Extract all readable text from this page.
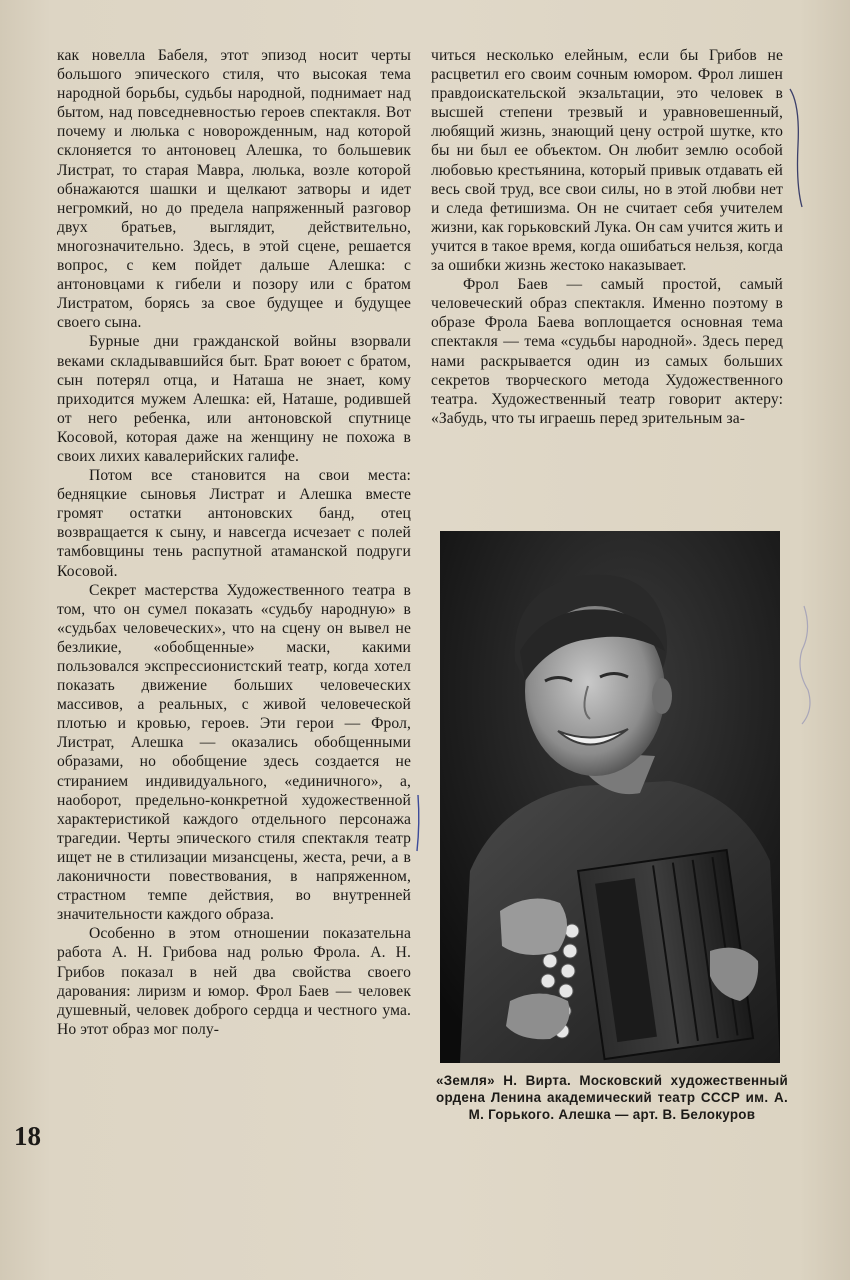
как новелла Бабеля, этот эпизод носит черты большого эпического стиля, что высокая тема народной борьбы, судьбы народной, поднимает над бытом, над повседневностью героев спектакля. Вот почему и люлька с новорожденным, над которой склоняется то антоновец Алешка, то большевик Листрат, то старая Мавра, люлька, возле которой обнажаются шашки и щелкают затворы и идет негромкий, но до предела напряженный разговор двух братьев, выглядит, действительно, многозначительно. Здесь, в этой сцене, решается вопрос, с кем пойдет дальше Алешка: с антоновцами к гибели и позору или с братом Листратом, борясь за свое будущее и будущее своего сына.

Бурные дни гражданской войны взорвали веками складывавшийся быт. Брат воюет с братом, сын потерял отца, и Наташа не знает, кому приходится мужем Алешка: ей, Наташе, родившей от него ребенка, или антоновской спутнице Косовой, которая даже на женщину не похожа в своих лихих кавалерийских галифе.

Потом все становится на свои места: бедняцкие сыновья Листрат и Алешка вместе громят остатки антоновских банд, отец возвращается к сыну, и навсегда исчезает с полей тамбовщины тень распутной атаманской подруги Косовой.

Секрет мастерства Художественного театра в том, что он сумел показать «судьбу народную» в «судьбах человеческих», что на сцену он вывел не безликие, «обобщенные» маски, какими пользовался экспрессионистский театр, когда хотел показать движение больших человеческих массивов, а реальных, с живой человеческой плотью и кровью, героев. Эти герои — Фрол, Листрат, Алешка — оказались обобщенными образами, но обобщение здесь создается не стиранием индивидуального, «единичного», а, наоборот, предельно-конкретной художественной характеристикой каждого отдельного персонажа трагедии. Черты эпического стиля спектакля театр ищет не в стилизации мизансцены, жеста, речи, а в лаконичности повествования, в напряженном, страстном темпе действия, во внутренней значительности каждого образа.

Особенно в этом отношении показательна работа А. Н. Грибова над ролью Фрола. А. Н. Грибов показал в ней два свойства своего дарования: лиризм и юмор. Фрол Баев — человек душевный, человек доброго сердца и честного ума. Но этот образ мог полу-

читься несколько елейным, если бы Грибов не расцветил его своим сочным юмором. Фрол лишен правдоискательской экзальтации, это человек в высшей степени трезвый и уравновешенный, любящий жизнь, знающий цену острой шутке, кто бы ни был ее объектом. Он любит землю особой любовью крестьянина, который привык отдавать ей весь свой труд, все свои силы, но в этой любви нет и следа фетишизма. Он не считает себя учителем жизни, как горьковский Лука. Он сам учится жить и учится в такое время, когда ошибаться нельзя, когда за ошибки жизнь жестоко наказывает.

Фрол Баев — самый простой, самый человеческий образ спектакля. Именно поэтому в образе Фрола Баева воплощается основная тема спектакля — тема «судьбы народной». Здесь перед нами раскрывается один из самых больших секретов творческого метода Художественного театра. Художественный театр говорит актеру: «Забудь, что ты играешь перед зрительным за-

«Земля» Н. Вирта. Московский художественный ордена Ленина академический театр СССР им. А. М. Горького. Алешка — арт. В. Белокуров
18
